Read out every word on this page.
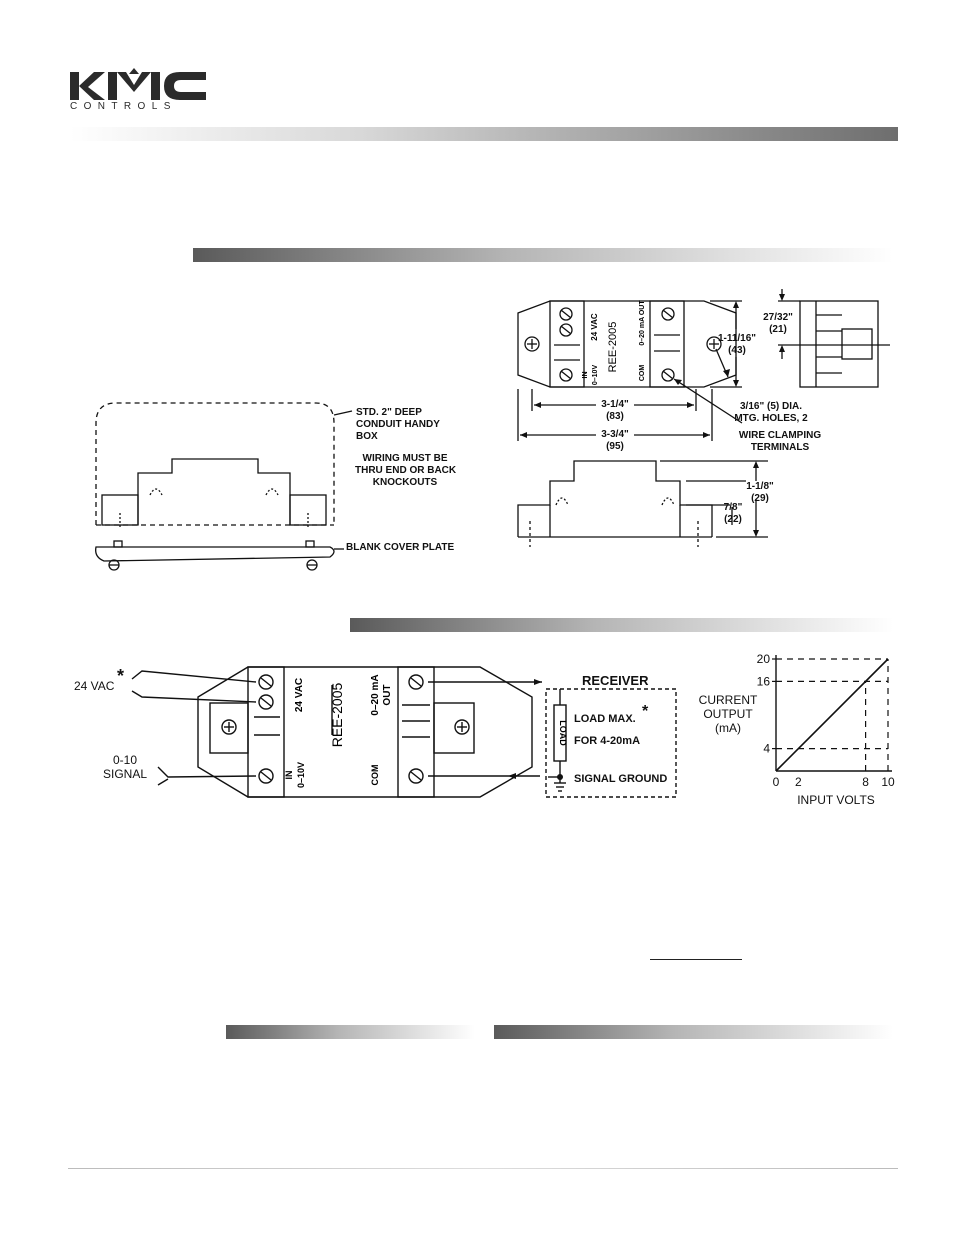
CONTROLS
STD. 2" DEEP
CONDUIT HANDY
BOX
WIRING MUST BE
THRU END OR BACK
KNOCKOUTS
BLANK COVER PLATE
REE-2005
24 VAC
IN 0–10V
0–20 mA OUT
COM
1-11/16"
(43)
3-1/4"
(83)
3-3/4"
(95)
3/16" (5) DIA.
MTG. HOLES, 2
WIRE CLAMPING
TERMINALS
27/32"
(21)
1-1/8"
(29)
7/8"
(22)
REE-2005
24 VAC
IN 0–10V
0–20 mA OUT
COM
LOAD
24 VAC *
0-10
SIGNAL
RECEIVER
LOAD MAX. *
FOR 4-20mA
SIGNAL GROUND	0 2	8 10
4
16
20
CURRENT
OUTPUT
(mA)
INPUT VOLTS
